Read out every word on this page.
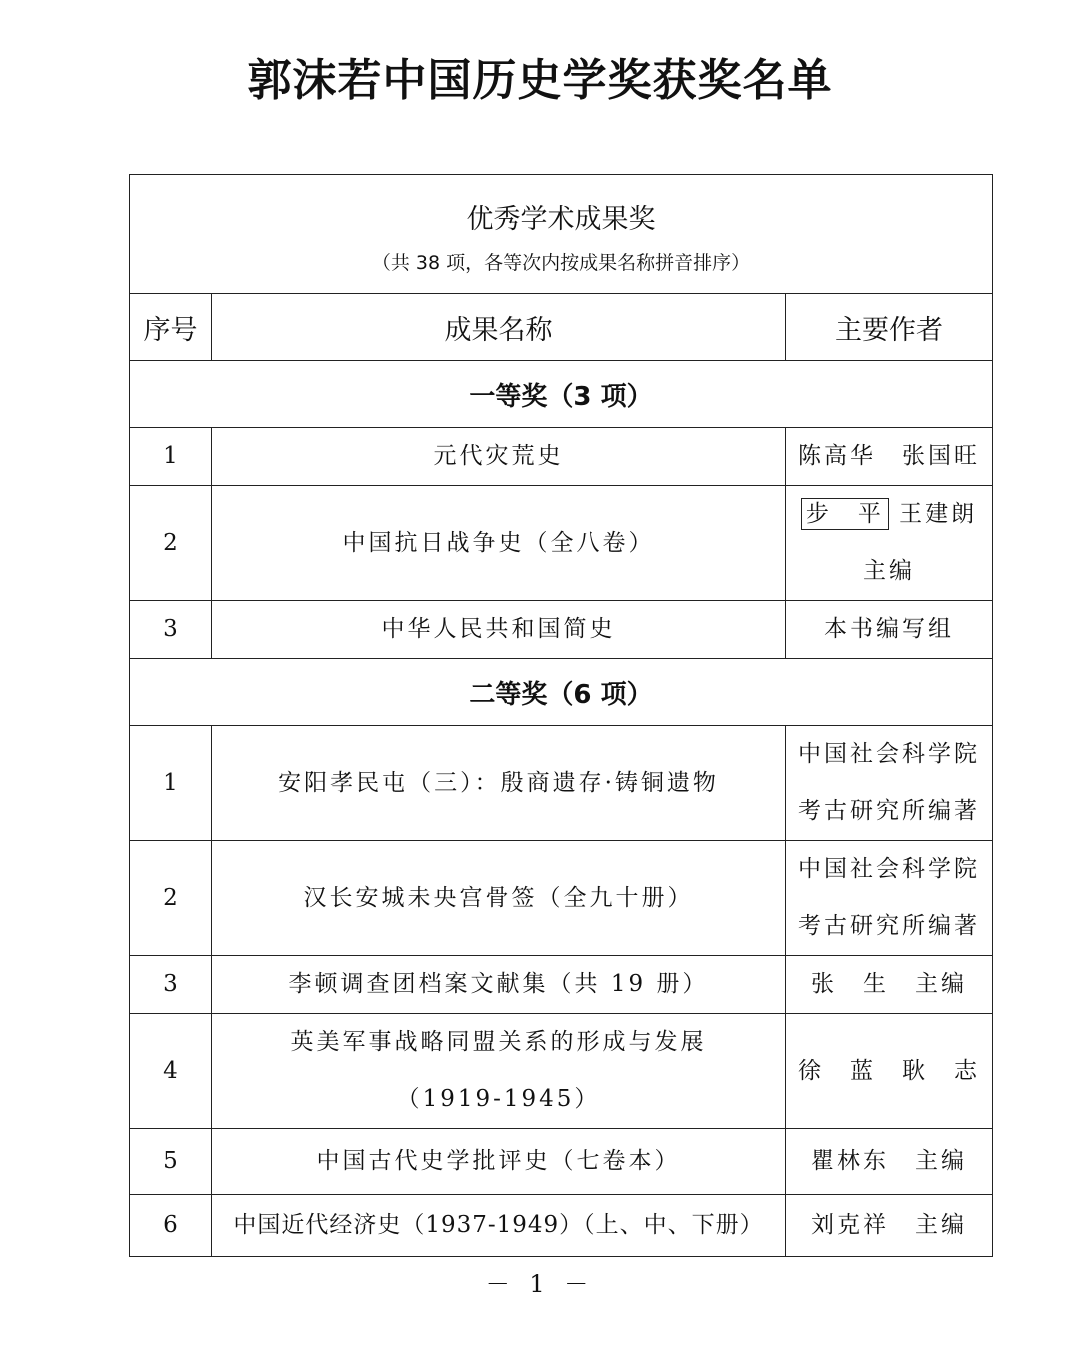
郭沫若中国历史学奖获奖名单
优秀学术成果奖
（共 38 项，各等次内按成果名称拼音排序）		

序号	成果名称	主要作者
一等奖（3 项）		
1	元代灾荒史	陈高华　张国旺
2	中国抗日战争史（全八卷）	步　平 王建朗
主编
3	中华人民共和国简史	本书编写组
二等奖（6 项）		
1	安阳孝民屯（三）：殷商遗存·铸铜遗物	中国社会科学院
考古研究所编著
2	汉长安城未央宫骨签（全九十册）	中国社会科学院
考古研究所编著
3	李顿调查团档案文献集（共 19 册）	张　生　主编
4	英美军事战略同盟关系的形成与发展
（1919-1945）	徐　蓝　耿　志
5	中国古代史学批评史（七卷本）	瞿林东　主编
6	中国近代经济史（1937-1949）（上、中、下册）	刘克祥　主编
－ 1 －
